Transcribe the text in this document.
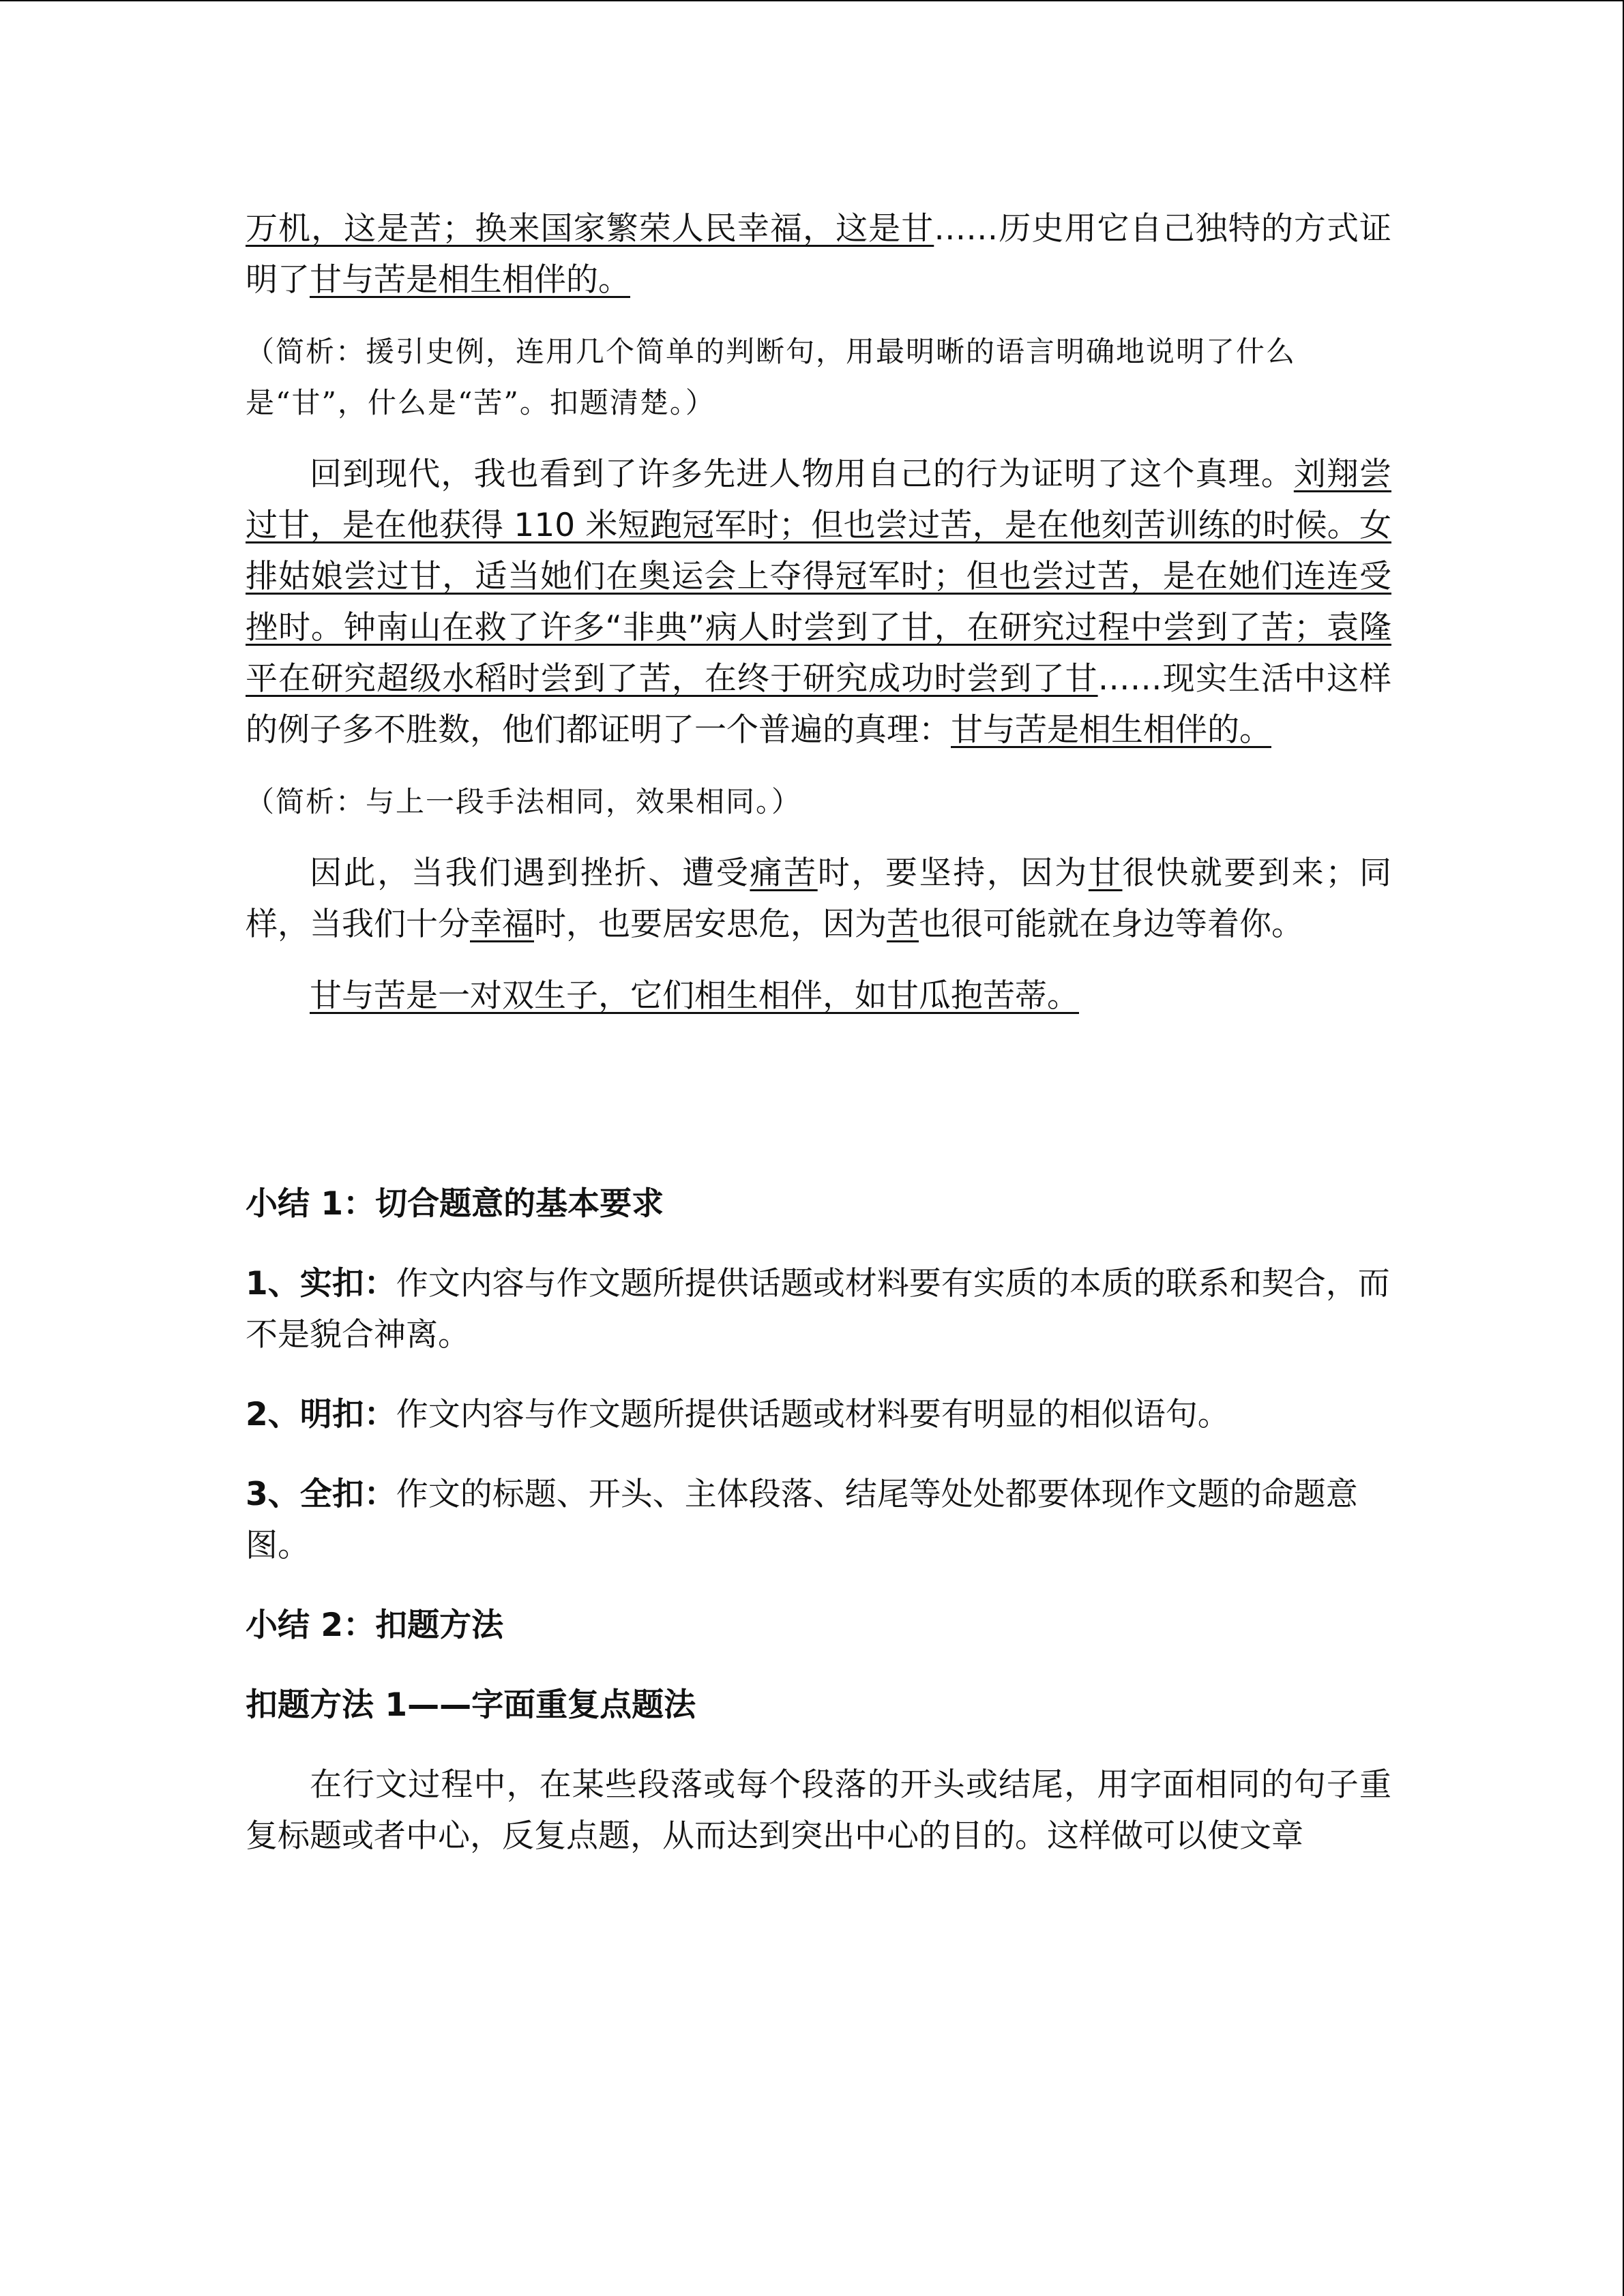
万机，这是苦；换来国家繁荣人民幸福，这是甘……历史用它自己独特的方式证明了甘与苦是相生相伴的。

（简析：援引史例，连用几个简单的判断句，用最明晰的语言明确地说明了什么是“甘”，什么是“苦”。扣题清楚。）

回到现代，我也看到了许多先进人物用自己的行为证明了这个真理。刘翔尝过甘，是在他获得 110 米短跑冠军时；但也尝过苦，是在他刻苦训练的时候。女排姑娘尝过甘，适当她们在奥运会上夺得冠军时；但也尝过苦，是在她们连连受挫时。钟南山在救了许多“非典”病人时尝到了甘，在研究过程中尝到了苦；袁隆平在研究超级水稻时尝到了苦，在终于研究成功时尝到了甘……现实生活中这样的例子多不胜数，他们都证明了一个普遍的真理：甘与苦是相生相伴的。

（简析：与上一段手法相同，效果相同。）

因此，当我们遇到挫折、遭受痛苦时，要坚持，因为甘很快就要到来；同样，当我们十分幸福时，也要居安思危，因为苦也很可能就在身边等着你。

甘与苦是一对双生子，它们相生相伴，如甘瓜抱苦蒂。

小结 1：切合题意的基本要求

1、实扣：作文内容与作文题所提供话题或材料要有实质的本质的联系和契合，而不是貌合神离。

2、明扣：作文内容与作文题所提供话题或材料要有明显的相似语句。

3、全扣：作文的标题、开头、主体段落、结尾等处处都要体现作文题的命题意图。

小结 2：扣题方法

扣题方法 1——字面重复点题法

在行文过程中，在某些段落或每个段落的开头或结尾，用字面相同的句子重复标题或者中心，反复点题，从而达到突出中心的目的。这样做可以使文章
